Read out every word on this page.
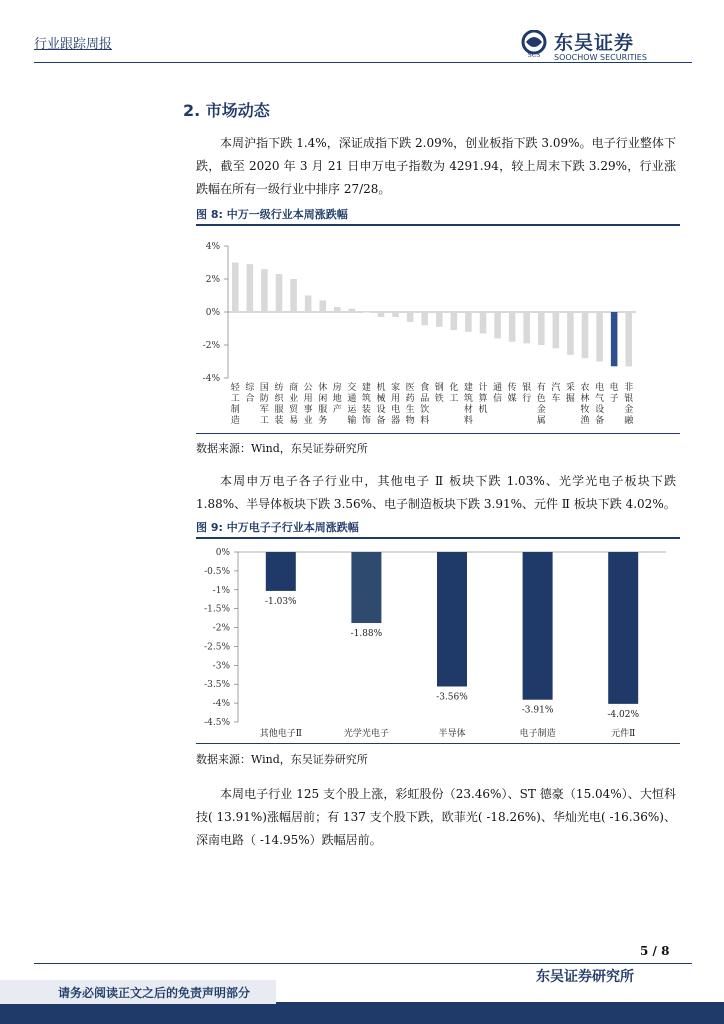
行业跟踪周报
SCS
东吴证券
SOOCHOW SECURITIES
2. 市场动态

本周沪指下跌 1.4%，深证成指下跌 2.09%，创业板指下跌 3.09%。电子行业整体下跌，截至 2020 年 3 月 21 日申万电子指数为 4291.94，较上周末下跌 3.29%，行业涨跌幅在所有一级行业中排序 27/28。

图 8: 中万一级行业本周涨跌幅
4%
2%
0%
-2%
-4%
轻
工
制
造
综
合
国
防
军
工
纺
织
服
装
商
业
贸
易
公
用
事
业
休
闲
服
务
房
地
产
交
通
运
输
建
筑
装
饰
机
械
设
备
家
用
电
器
医
药
生
物
食
品
饮
料
钢
铁
化
工
建
筑
材
料
计
算
机
通
信
传
媒
银
行
有
色
金
属
汽
车
采
掘
农
林
牧
渔
电
气
设
备
电
子
非
银
金
融
数据来源：Wind，东吴证券研究所

本周申万电子各子行业中，其他电子 Ⅱ 板块下跌 1.03%、光学光电子板块下跌 1.88%、半导体板块下跌 3.56%、电子制造板块下跌 3.91%、元件 Ⅱ 板块下跌 4.02%。

图 9: 中万电子子行业本周涨跌幅
0%
-0.5%
-1%
-1.5%
-2%
-2.5%
-3%
-3.5%
-4%
-4.5%
-1.03%
其他电子Ⅱ
-1.88%
光学光电子
-3.56%
半导体
-3.91%
电子制造
-4.02%
元件Ⅱ
数据来源：Wind，东吴证券研究所

本周电子行业 125 支个股上涨，彩虹股份（23.46%）、ST 德豪（15.04%）、大恒科技( 13.91%)涨幅居前；有 137 支个股下跌，欧菲光( -18.26%)、华灿光电( -16.36%)、深南电路（ -14.95%）跌幅居前。

5 / 8
东吴证券研究所
请务必阅读正文之后的免责声明部分
